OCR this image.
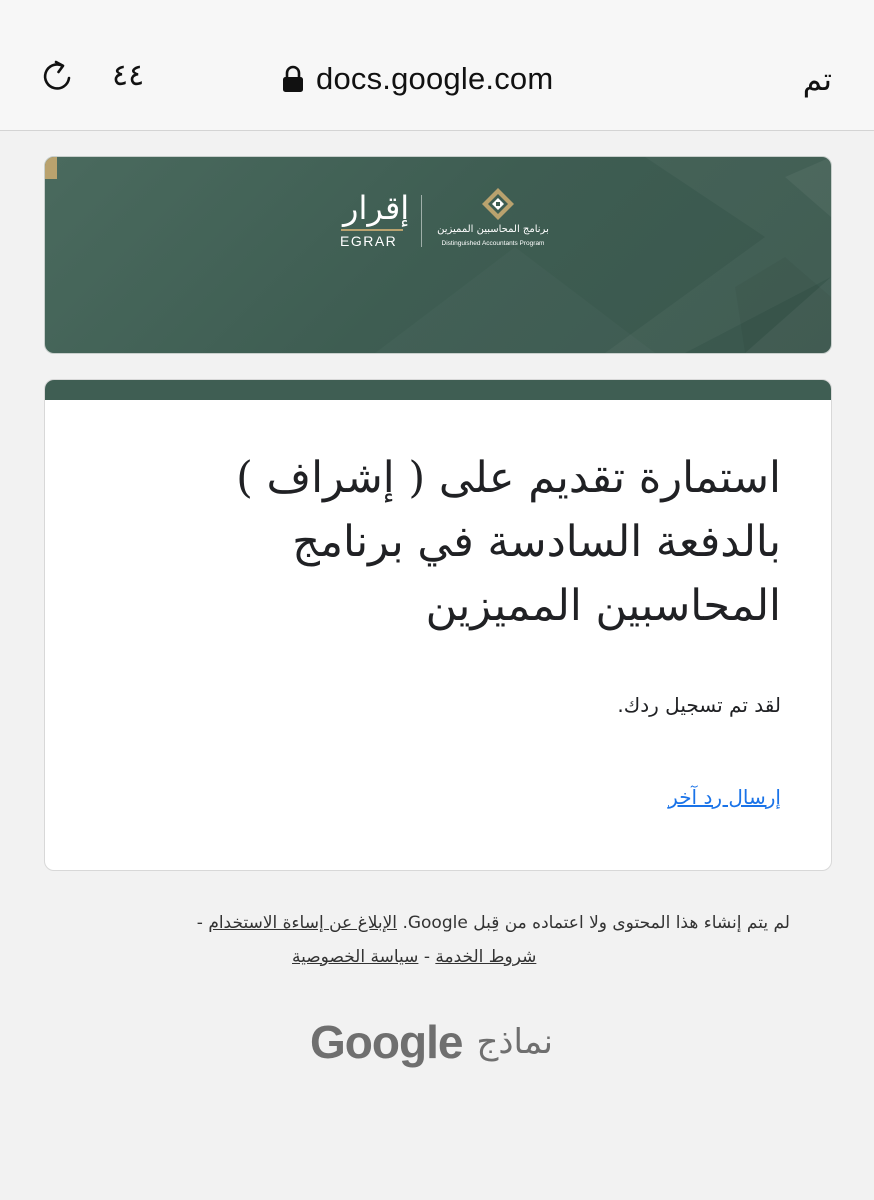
٤٤	docs.google.com	تم
إقرار
EGRAR
برنامج المحاسبين المميزين
Distinguished Accountants Program
استمارة تقديم على ( إشراف ) بالدفعة السادسة في برنامج المحاسبين المميزين
لقد تم تسجيل ردك.
إرسال رد آخر
لم يتم إنشاء هذا المحتوى ولا اعتماده من قِبل Google. الإبلاغ عن إساءة الاستخدام -
شروط الخدمة - سياسة الخصوصية
Google نماذج
